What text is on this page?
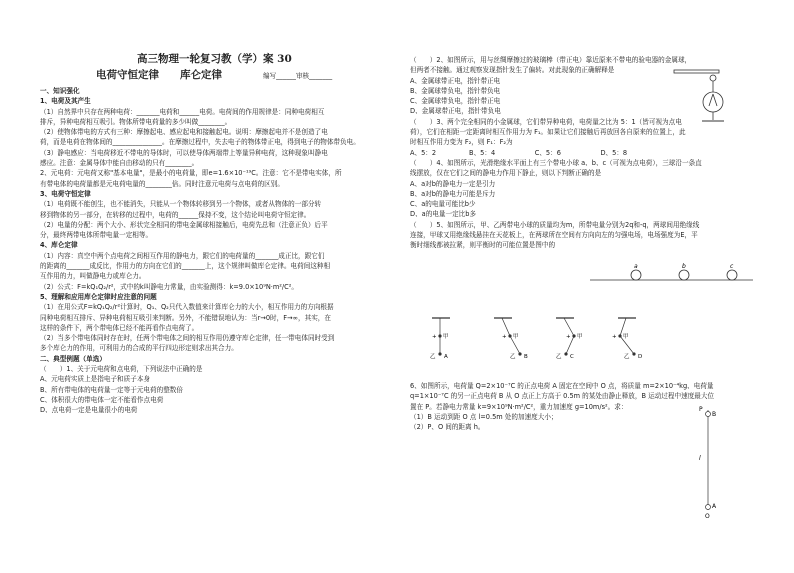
高三物理一轮复习教（学）案 30
电荷守恒定律　　库仑定律	编写______审核_______

一、知识强化

1、电荷及其产生

（1）自然界中只存在两种电荷：_______电荷和______电荷。电荷间的作用规律是：同种电荷相互

排斥，异种电荷相互吸引。物体所带电荷量的多少叫做________。

（2）使物体带电的方式有三种：摩擦起电、感应起电和接触起电。说明：摩擦起电并不是创造了电

荷，而是电荷在物体间的_______________。在摩擦过程中，失去电子的物体带正电，得到电子的物体带负电。

（3）静电感应：当电荷移近不带电的导体时，可以使导体两端带上等量异种电荷，这种现象叫静电

感应。注意：金属导体中能自由移动的只有________。

2、元电荷：元电荷又称"基本电量"，是最小的电荷量，即e=1.6×10⁻¹⁹C。注意：它不是带电实体，所

有带电体的电荷量都是元电荷电量的________倍。同时注意元电荷与点电荷的区别。

3、电荷守恒定律

（1）电荷既不能创生，也不能消失，只能从一个物体转移到另一个物体，或者从物体的一部分转

移到物体的另一部分，在转移的过程中，电荷的______保持不变，这个结论叫电荷守恒定律。

（2）电量的分配：两个大小、形状完全相同的带电金属球相接触后，电荷先总和（注意正负）后平

分，最终两带电体所带电量一定相等。

4、库仑定律

（1）内容：真空中两个点电荷之间相互作用的静电力，跟它们的电荷量的_______成正比，跟它们

的距离的_______成反比，作用力的方向在它们的_______上，这个规律叫做库仑定律。电荷间这种相

互作用的力，叫做静电力或库仑力。

（2）公式：F=kQ₁Q₂/r²，式中的k叫静电力常量，由实验测得：k=9.0×10⁹N·m²/C²。

5、理解和应用库仑定律时应注意的问题

（1）在用公式F=kQ₁Q₂/r²计算时，Q₁、Q₂只代入数值来计算库仑力的大小，相互作用力的方向根据

同种电荷相互排斥、异种电荷相互吸引来判断。另外，不能错误地认为：当r→0时，F→∞，其实，在

这样的条件下，两个带电体已经不能再看作点电荷了。

（2）当多个带电体同时存在时，任两个带电体之间的相互作用仍遵守库仑定律，任一带电体同时受到

多个库仑力的作用，可利用力的合成的平行四边形定则求出其合力。

二、典型例题（单选）

（　　）1、关于元电荷和点电荷，下列说法中正确的是

A、元电荷实质上是指电子和质子本身

B、所有带电体的电荷量一定等于元电荷的整数倍

C、体积很大的带电体一定不能看作点电荷

D、点电荷一定是电量很小的电荷

（　　）2、如图所示，用与丝绸摩擦过的玻璃棒（带正电）靠近原来不带电的验电器的金属球，

但两者不接触。通过观察发现指针发生了偏转。对此现象的正确解释是

A、金属球带正电，指针带正电

B、金属球带负电，指针带负电

C、金属球带负电，指针带正电

D、金属球带正电，指针带负电

（　　）3、两个完全相同的小金属球，它们带异种电荷，电荷量之比为 5：1（皆可视为点电

荷），它们在相距一定距离时相互作用力为 F₁。如果让它们接触后再放回各自原来的位置上，此

时相互作用力变为 F₂，则 F₁：F₂为

A、5：2　　　　　B、5：4　　　　　　C、5：6　　　　　　D、5：8

（　　）4、如图所示，光滑绝缘水平面上有三个带电小球 a、b、c（可视为点电荷），三球沿一条直

线摆放，仅在它们之间的静电力作用下静止，则以下判断正确的是

A、a对b的静电力一定是引力

B、a对b的静电力可能是斥力

C、a的电量可能比b少

D、a的电量一定比b多

（　　）5、如图所示，甲、乙两带电小球的质量均为m，所带电量分别为2q和-q，两球间用绝缘线

连接，甲球又用绝缘线悬挂在天花板上，在两球所在空间有方向向左的匀强电场，电场强度为E，平

衡时细线都被拉紧，则平衡时的可能位置是图中的

6、如图所示，电荷量 Q=2×10⁻⁷C 的正点电荷 A 固定在空间中 O 点，将质量 m=2×10⁻⁴kg、电荷量

q=1×10⁻⁷C 的另一正点电荷 B 从 O 点正上方高于 0.5m 的某处由静止释放，B 运动过程中速度最大位

置在 P。若静电力常量 k=9×10⁹N·m²/C²，重力加速度 g=10m/s²。求：

（1）B 运动到距 O 点 l=0.5m 处的加速度大小；

（2）P、O 间的距离 h。

a	b	c
甲
乙
+
A
甲
乙
+
B
甲
乙
+
C
甲
乙
+
D
P
B
A
O
l
